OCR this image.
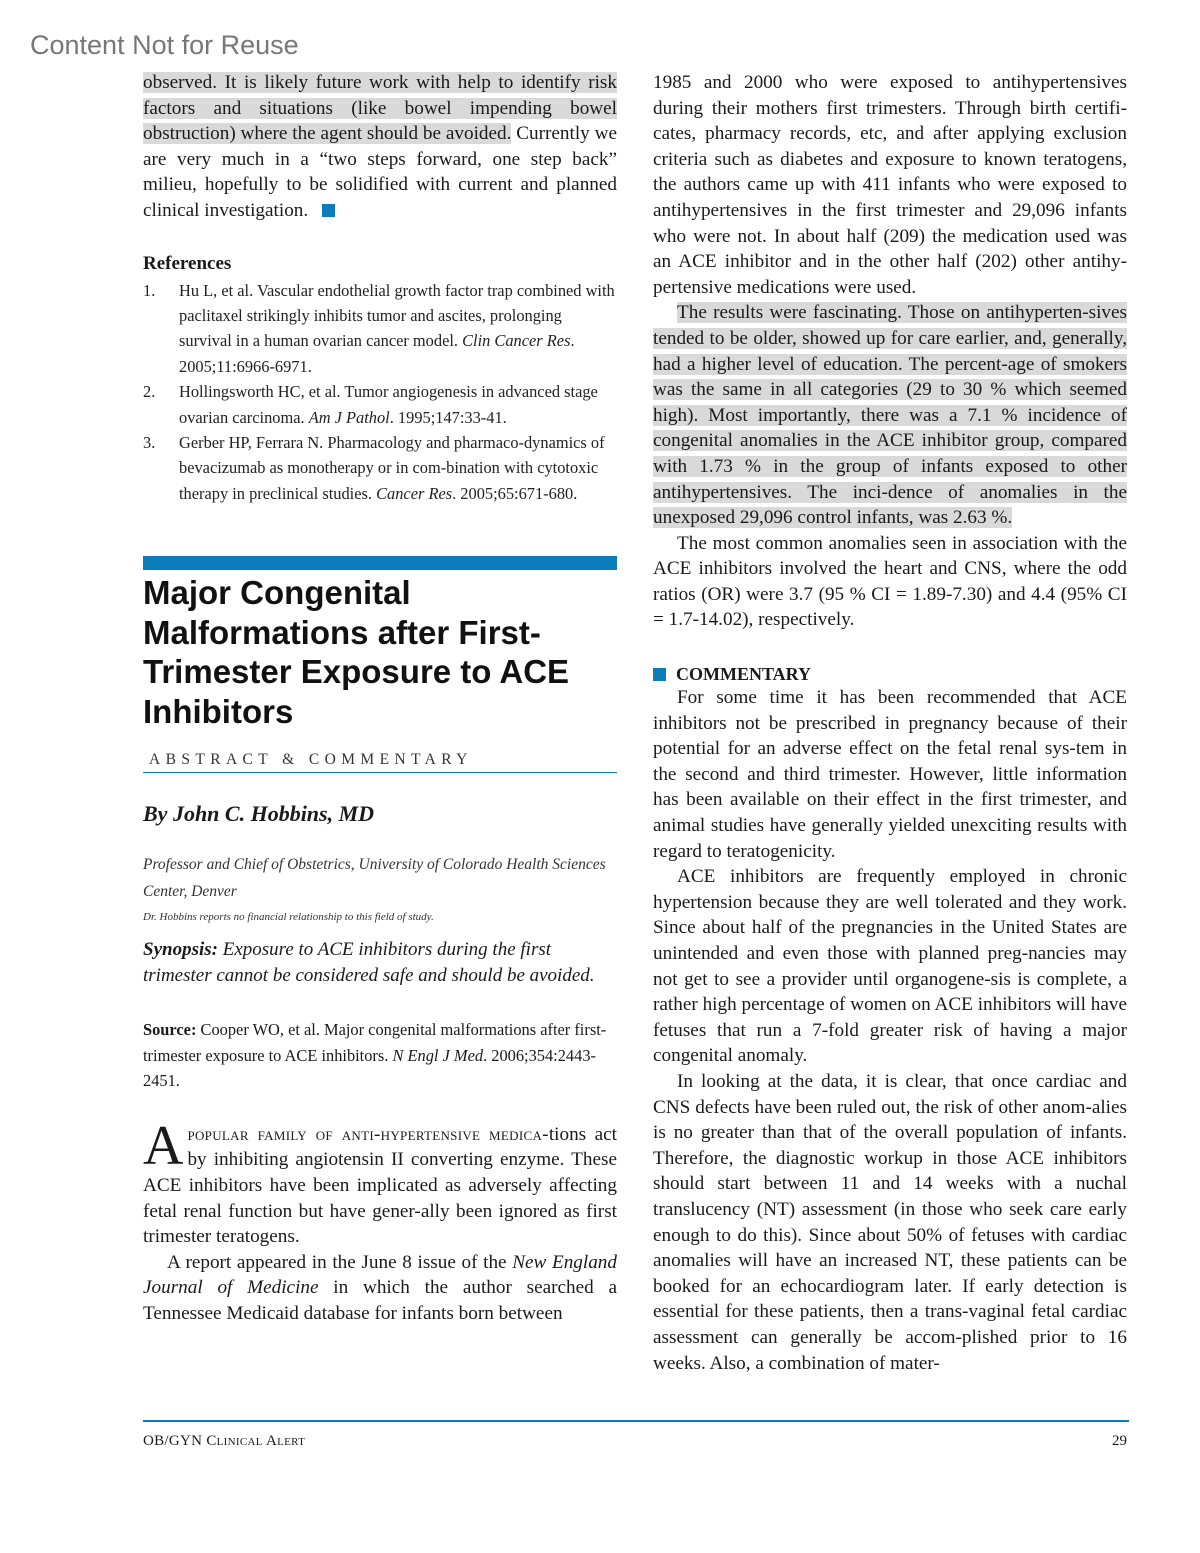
Content Not for Reuse

observed. It is likely future work with help to identify risk factors and situations (like bowel impending bowel obstruction) where the agent should be avoided. Currently we are very much in a “two steps forward, one step back” milieu, hopefully to be solidified with current and planned clinical investigation.

References
1. Hu L, et al. Vascular endothelial growth factor trap combined with paclitaxel strikingly inhibits tumor and ascites, prolonging survival in a human ovarian cancer model. Clin Cancer Res. 2005;11:6966-6971.
2. Hollingsworth HC, et al. Tumor angiogenesis in advanced stage ovarian carcinoma. Am J Pathol. 1995;147:33-41.
3. Gerber HP, Ferrara N. Pharmacology and pharmaco-dynamics of bevacizumab as monotherapy or in com-bination with cytotoxic therapy in preclinical studies. Cancer Res. 2005;65:671-680.
Major Congenital Malformations after First-Trimester Exposure to ACE Inhibitors
ABSTRACT & COMMENTARY
By John C. Hobbins, MD
Professor and Chief of Obstetrics, University of Colorado Health Sciences Center, Denver
Dr. Hobbins reports no financial relationship to this field of study.
Synopsis: Exposure to ACE inhibitors during the first trimester cannot be considered safe and should be avoided.
Source: Cooper WO, et al. Major congenital malformations after first-trimester exposure to ACE inhibitors. N Engl J Med. 2006;354:2443-2451.

Apopular family of anti-hypertensive medica-tions act by inhibiting angiotensin II converting enzyme. These ACE inhibitors have been implicated as adversely affecting fetal renal function but have gener-ally been ignored as first trimester teratogens.

A report appeared in the June 8 issue of the New England Journal of Medicine in which the author searched a Tennessee Medicaid database for infants born between

1985 and 2000 who were exposed to antihypertensives during their mothers first trimesters. Through birth certifi-cates, pharmacy records, etc, and after applying exclusion criteria such as diabetes and exposure to known teratogens, the authors came up with 411 infants who were exposed to antihypertensives in the first trimester and 29,096 infants who were not. In about half (209) the medication used was an ACE inhibitor and in the other half (202) other antihy-pertensive medications were used.

The results were fascinating. Those on antihyperten-sives tended to be older, showed up for care earlier, and, generally, had a higher level of education. The percent-age of smokers was the same in all categories (29 to 30 % which seemed high). Most importantly, there was a 7.1 % incidence of congenital anomalies in the ACE inhibitor group, compared with 1.73 % in the group of infants exposed to other antihypertensives. The inci-dence of anomalies in the unexposed 29,096 control infants, was 2.63 %.

The most common anomalies seen in association with the ACE inhibitors involved the heart and CNS, where the odd ratios (OR) were 3.7 (95 % CI = 1.89-7.30) and 4.4 (95% CI = 1.7-14.02), respectively.

COMMENTARY

For some time it has been recommended that ACE inhibitors not be prescribed in pregnancy because of their potential for an adverse effect on the fetal renal sys-tem in the second and third trimester. However, little information has been available on their effect in the first trimester, and animal studies have generally yielded unexciting results with regard to teratogenicity.

ACE inhibitors are frequently employed in chronic hypertension because they are well tolerated and they work. Since about half of the pregnancies in the United States are unintended and even those with planned preg-nancies may not get to see a provider until organogene-sis is complete, a rather high percentage of women on ACE inhibitors will have fetuses that run a 7-fold greater risk of having a major congenital anomaly.

In looking at the data, it is clear, that once cardiac and CNS defects have been ruled out, the risk of other anom-alies is no greater than that of the overall population of infants. Therefore, the diagnostic workup in those ACE inhibitors should start between 11 and 14 weeks with a nuchal translucency (NT) assessment (in those who seek care early enough to do this). Since about 50% of fetuses with cardiac anomalies will have an increased NT, these patients can be booked for an echocardiogram later. If early detection is essential for these patients, then a trans-vaginal fetal cardiac assessment can generally be accom-plished prior to 16 weeks. Also, a combination of mater-

OB/GYN Clinical Alert	29
